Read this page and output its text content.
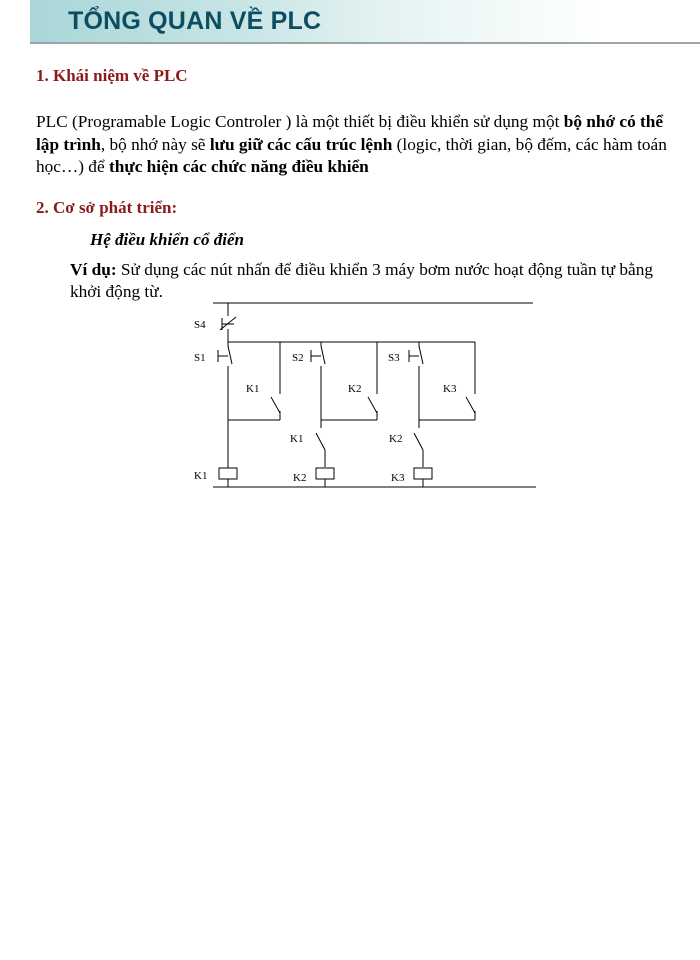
TỔNG QUAN VỀ PLC
1. Khái niệm về PLC

PLC (Programable Logic Controler ) là một thiết bị điều khiển sử dụng một bộ nhớ có thể lập trình, bộ nhớ này sẽ lưu giữ các cấu trúc lệnh (logic, thời gian, bộ đếm, các hàm toán học…) để thực hiện các chức năng điều khiển

2. Cơ sở phát triển:

Hệ điều khiển cổ điển

Ví dụ: Sử dụng các nút nhấn để điều khiển 3 máy bơm nước hoạt động tuần tự bằng khởi động từ.

S4
S1	S2	S3
K1	K2	K3
K1	K2
K1	K2	K3
